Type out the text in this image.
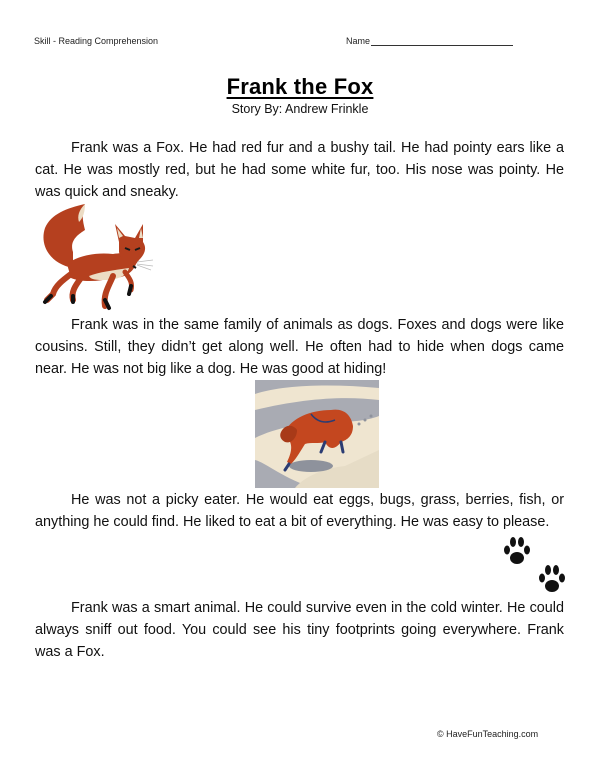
Skill - Reading Comprehension	Name
Frank the Fox
Story By: Andrew Frinkle

Frank was a Fox. He had red fur and a bushy tail. He had pointy ears like a cat. He was mostly red, but he had some white fur, too. His nose was pointy. He was quick and sneaky.

Frank was in the same family of animals as dogs. Foxes and dogs were like cousins. Still, they didn’t get along well. He often had to hide when dogs came near. He was not big like a dog. He was good at hiding!

He was not a picky eater. He would eat eggs, bugs, grass, berries, fish, or anything he could find. He liked to eat a bit of everything. He was easy to please.

Frank was a smart animal. He could survive even in the cold winter. He could always sniff out food. You could see his tiny footprints going everywhere. Frank was a Fox.

© HaveFunTeaching.com
